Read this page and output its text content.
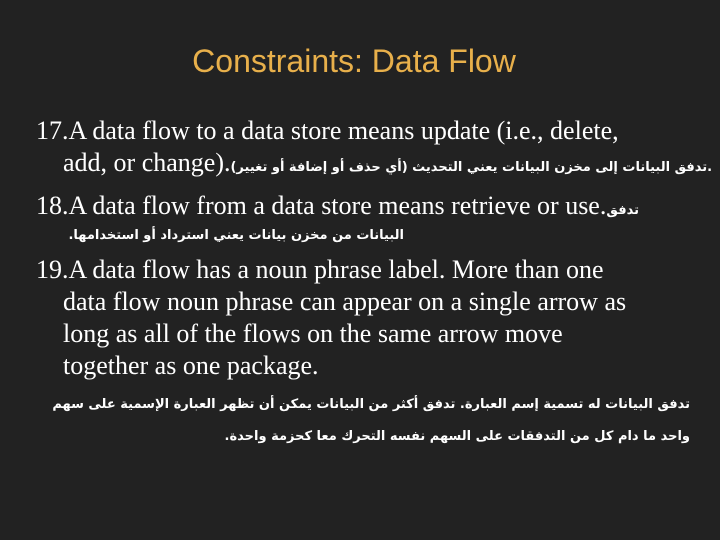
Constraints: Data Flow
17.A data flow to a data store means update (i.e., delete,
add, or change)..تدفق البيانات إلى مخزن البيانات يعني التحديث (أي حذف أو إضافة أو تغيير)
18.A data flow from a data store means retrieve or use.تدفق
البيانات من مخزن بيانات يعني استرداد أو استخدامها.
19.A data flow has a noun phrase label. More than one
data flow noun phrase can appear on a single arrow as
long as all of the flows on the same arrow move
together as one package.
تدفق البيانات له تسمية إسم العبارة. تدفق أكثر من البيانات يمكن أن تظهر العبارة الإسمية على سهم
واحد ما دام كل من التدفقات على السهم نفسه التحرك معا كحزمة واحدة.
